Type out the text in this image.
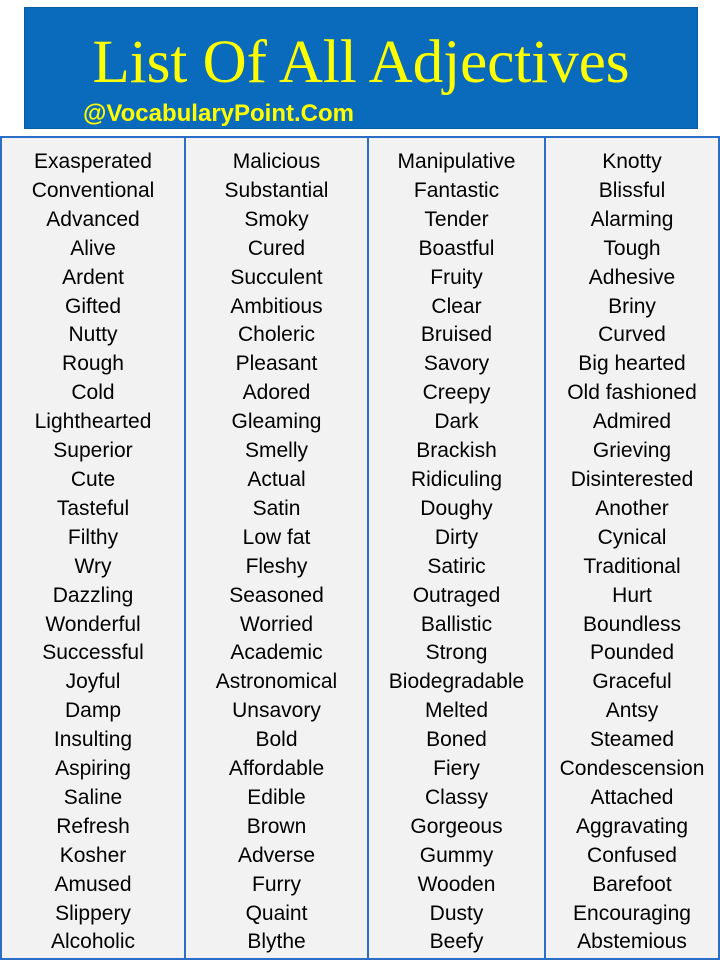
List Of All Adjectives
@VocabularyPoint.Com
Exasperated
Conventional
Advanced
Alive
Ardent
Gifted
Nutty
Rough
Cold
Lighthearted
Superior
Cute
Tasteful
Filthy
Wry
Dazzling
Wonderful
Successful
Joyful
Damp
Insulting
Aspiring
Saline
Refresh
Kosher
Amused
Slippery
Alcoholic
Malicious
Substantial
Smoky
Cured
Succulent
Ambitious
Choleric
Pleasant
Adored
Gleaming
Smelly
Actual
Satin
Low fat
Fleshy
Seasoned
Worried
Academic
Astronomical
Unsavory
Bold
Affordable
Edible
Brown
Adverse
Furry
Quaint
Blythe
Manipulative
Fantastic
Tender
Boastful
Fruity
Clear
Bruised
Savory
Creepy
Dark
Brackish
Ridiculing
Doughy
Dirty
Satiric
Outraged
Ballistic
Strong
Biodegradable
Melted
Boned
Fiery
Classy
Gorgeous
Gummy
Wooden
Dusty
Beefy
Knotty
Blissful
Alarming
Tough
Adhesive
Briny
Curved
Big hearted
Old fashioned
Admired
Grieving
Disinterested
Another
Cynical
Traditional
Hurt
Boundless
Pounded
Graceful
Antsy
Steamed
Condescension
Attached
Aggravating
Confused
Barefoot
Encouraging
Abstemious
